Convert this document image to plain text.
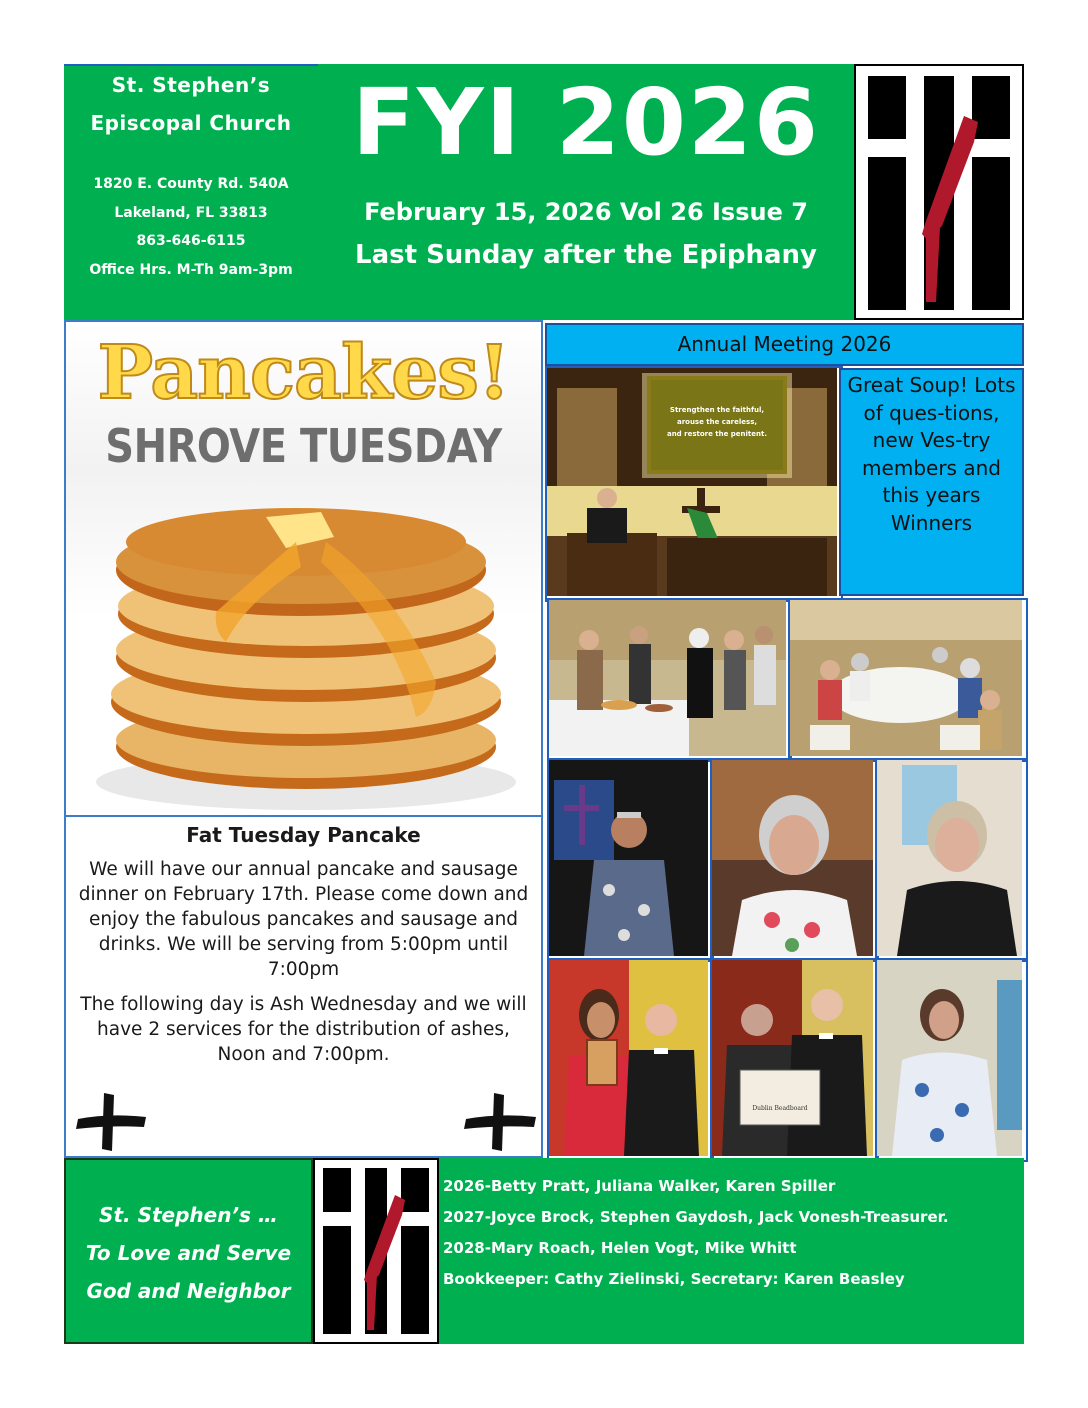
St. Stephen’s
Episcopal Church
1820 E. County Rd. 540A
Lakeland, FL 33813
863-646-6115
Office Hrs. M-Th 9am-3pm
FYI 2026
February 15, 2026 Vol 26 Issue 7
Last Sunday after the Epiphany
Pancakes!
SHROVE TUESDAY
Fat Tuesday Pancake

We will have our annual pancake and sausage dinner on February 17th. Please come down and enjoy the fabulous pancakes and sausage and drinks. We will be serving from 5:00pm until 7:00pm

The following day is Ash Wednesday and we will have 2 services for the distribution of ashes, Noon and 7:00pm.

Annual Meeting 2026
Strengthen the faithful,
arouse the careless,
and restore the penitent.
Great Soup! Lots of ques-tions, new Ves-try members and this years Winners
Dublin Beadboard
St. Stephen’s …
To Love and Serve
God and Neighbor
2026-Betty Pratt, Juliana Walker, Karen Spiller
2027-Joyce Brock, Stephen Gaydosh, Jack Vonesh-Treasurer.
2028-Mary Roach, Helen Vogt, Mike Whitt
Bookkeeper: Cathy Zielinski, Secretary: Karen Beasley
